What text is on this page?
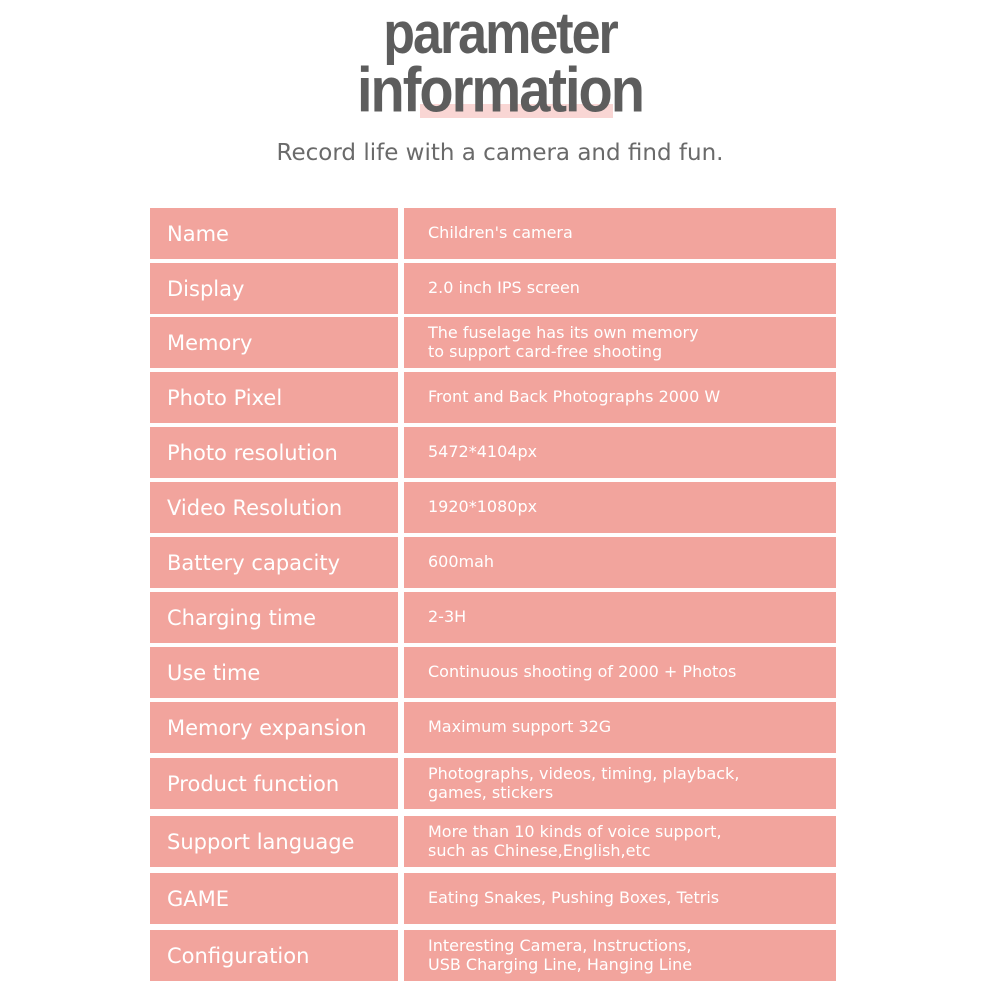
parameter
information
Record life with a camera and find fun.
Name	Children's camera
Display	2.0 inch IPS screen
Memory	The fuselage has its own memory
to support card-free shooting
Photo Pixel	Front and Back Photographs 2000 W
Photo resolution	5472*4104px
Video Resolution	1920*1080px
Battery capacity	600mah
Charging time	2-3H
Use time	Continuous shooting of 2000 + Photos
Memory expansion	Maximum support 32G
Product function	Photographs, videos, timing, playback,
games, stickers
Support language	More than 10 kinds of voice support,
such as Chinese,English,etc
GAME	Eating Snakes, Pushing Boxes, Tetris
Configuration	Interesting Camera, Instructions,
USB Charging Line, Hanging Line
